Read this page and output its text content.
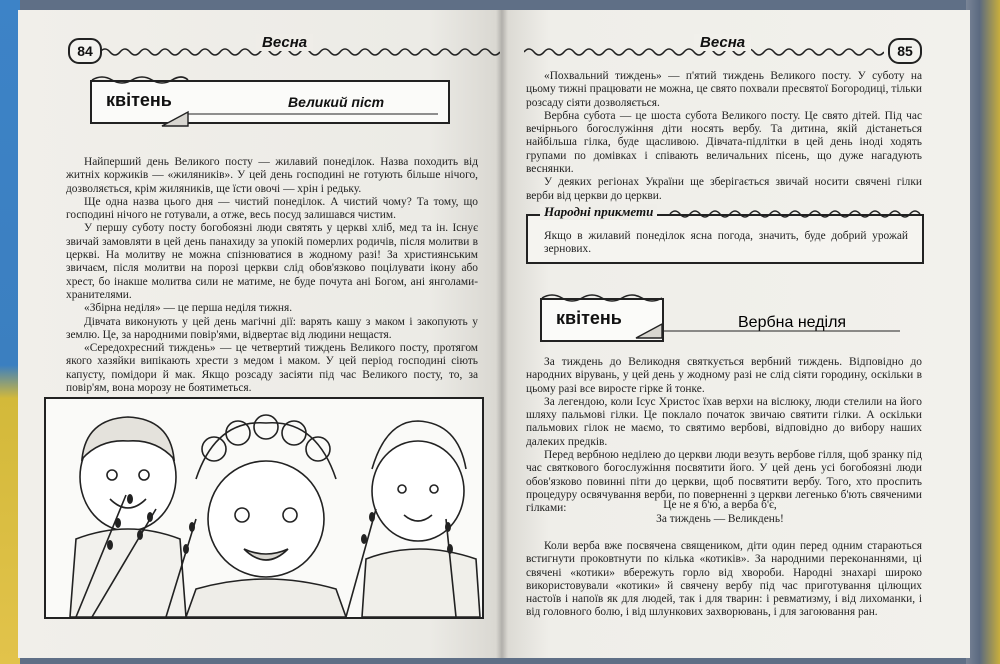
84	Весна
квітень	Великий піст

Найперший день Великого посту — жилавий понеділок. Назва походить від житніх коржиків — «жиляників». У цей день господині не готують більше нічого, дозволяється, крім жиляників, ще їсти овочі — хрін і редьку.

Ще одна назва цього дня — чистий понеділок. А чистий чому? Та тому, що господині нічого не готували, а отже, весь посуд залишався чистим.

У першу суботу посту богобоязні люди святять у церкві хліб, мед та ін. Існує звичай замовляти в цей день панахиду за упокій померлих родичів, після молитви в церкві. На молитву не можна спізнюватися в жодному разі! За християнським звичаєм, після молитви на порозі церкви слід обов'язково поцілувати ікону або хрест, бо інакше молитва сили не матиме, не буде почута ані Богом, ані янголами-хранителями.

«Збірна неділя» — це перша неділя тижня.

Дівчата виконують у цей день магічні дії: варять кашу з маком і закопують у землю. Це, за народними повір'ями, відвертає від людини нещастя.

«Середохресний тиждень» — це четвертий тиждень Великого посту, протягом якого хазяйки випікають хрести з медом і маком. У цей період господині сіють капусту, помідори й мак. Якщо розсаду засіяти під час Великого посту, то, за повір'ям, вона морозу не боятиметься.

85
Весна

«Похвальний тиждень» — п'ятий тиждень Великого посту. У суботу на цьому тижні працювати не можна, це свято похвали пресвятої Богородиці, тільки розсаду сіяти дозволяється.

Вербна субота — це шоста субота Великого посту. Це свято дітей. Під час вечірнього богослужіння діти носять вербу. Та дитина, якій дістанеться найбільша гілка, буде щасливою. Дівчата-підлітки в цей день іноді ходять групами по домівках і співають величальних пісень, що дуже нагадують веснянки.

У деяких регіонах України ще зберігається звичай носити свячені гілки верби від церкви до церкви.

Якщо в жилавий понеділок ясна погода, значить, буде добрий урожай зернових.

Народні прикмети
квітень	Вербна неділя

За тиждень до Великодня святкується вербний тиждень. Відповідно до народних вірувань, у цей день у жодному разі не слід сіяти городину, оскільки в цьому разі все виросте гірке й тонке.

За легендою, коли Ісус Христос їхав верхи на віслюку, люди стелили на його шляху пальмові гілки. Це поклало початок звичаю святити гілки. А оскільки пальмових гілок не маємо, то святимо вербові, відповідно до вибору наших далеких предків.

Перед вербною неділею до церкви люди везуть вербове гілля, щоб зранку під час святкового богослужіння посвятити його. У цей день усі богобоязні люди обов'язково повинні піти до церкви, щоб посвятити вербу. Того, хто проспить процедуру освячування верби, по поверненні з церкви легенько б'ють свяченими гілками:	Це не я б'ю, а верба б'є,
За тиждень — Великдень!

Коли верба вже посвячена священиком, діти один перед одним стараються встигнути проковтнути по кілька «котиків». За народними переконаннями, ці свячені «котики» вбережуть горло від хвороби. Народні знахарі широко використовували «котики» й свячену вербу під час приготування цілющих настоїв і напоїв як для людей, так і для тварин: і ревматизму, і від лихоманки, і від головного болю, і від шлункових захворювань, і для загоювання ран.
